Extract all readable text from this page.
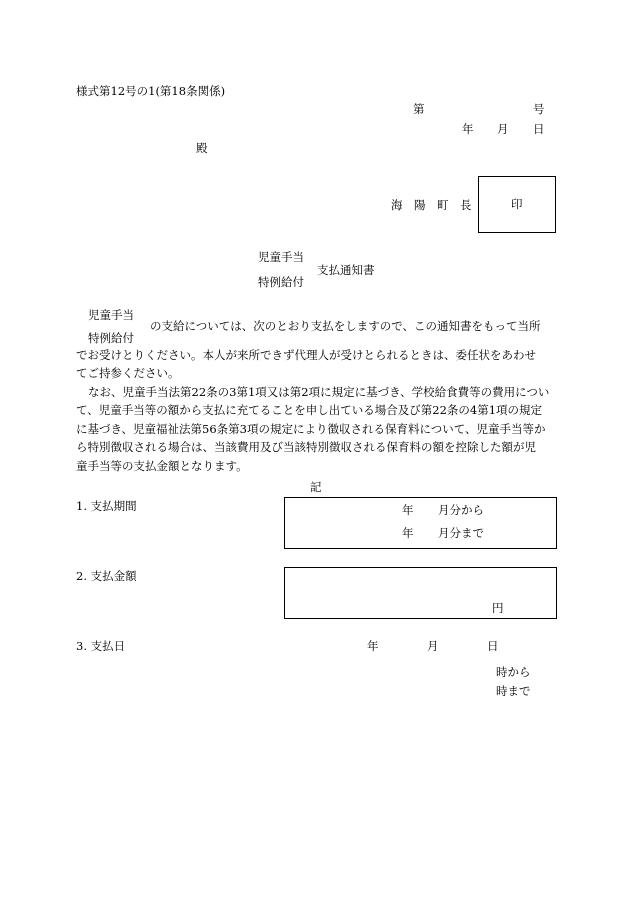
様式第12号の1(第18条関係)
第	号
年 月 日
殿
海　陽　町　長	印
児童手当
特例給付
支払通知書
児童手当
特例給付
の支給については、次のとおり支払をしますので、この通知書をもって当所
でお受けとりください。本人が来所できず代理人が受けとられるときは、委任状をあわせ
てご持参ください。
なお、児童手当法第22条の3第1項又は第2項に規定に基づき、学校給食費等の費用につい
て、児童手当等の額から支払に充てることを申し出ている場合及び第22条の4第1項の規定
に基づき、児童福祉法第56条第3項の規定により徴収される保育料について、児童手当等か
ら特別徴収される場合は、当該費用及び当該特別徴収される保育料の額を控除した額が児
童手当等の支払金額となります。
記
1. 支払期間	年 月分から
年 月分まで
2. 支払金額
円
3. 支払日	年	月	日
時から
時まで
